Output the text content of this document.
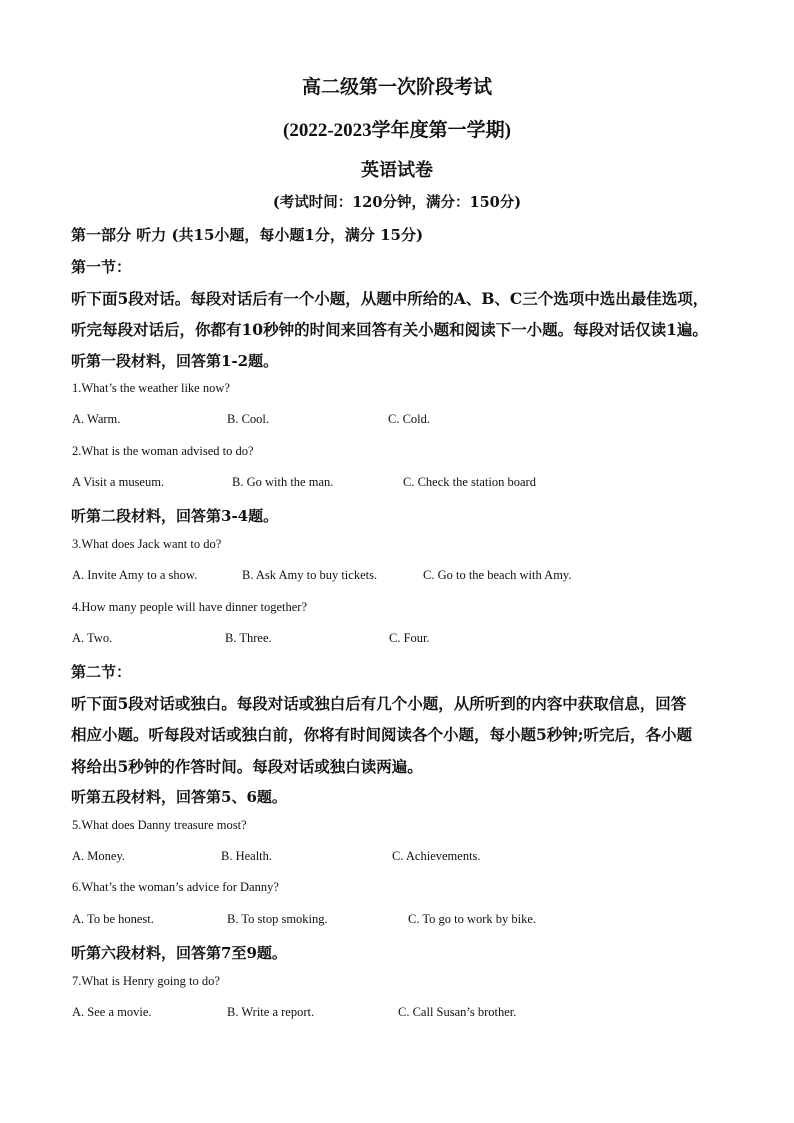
高二级第一次阶段考试
(2022-2023学年度第一学期)
英语试卷
(考试时间：120分钟，满分：150分)
第一部分 听力 (共15小题，每小题1分，满分 15分)
第一节：
听下面5段对话。每段对话后有一个小题，从题中所给的A、B、C三个选项中选出最佳选项，
听完每段对话后，你都有10秒钟的时间来回答有关小题和阅读下一小题。每段对话仅读1遍。
听第一段材料，回答第1-2题。
1.What’s the weather like now?
A. Warm.	B. Cool.	C. Cold.
2.What is the woman advised to do?
A Visit a museum.	B. Go with the man.	C. Check the station board
听第二段材料，回答第3-4题。
3.What does Jack want to do?
A. Invite Amy to a show.	B. Ask Amy to buy tickets.	C. Go to the beach with Amy.
4.How many people will have dinner together?
A. Two.	B. Three.	C. Four.
第二节：
听下面5段对话或独白。每段对话或独白后有几个小题，从所听到的内容中获取信息，回答
相应小题。听每段对话或独白前，你将有时间阅读各个小题，每小题5秒钟;听完后，各小题
将给出5秒钟的作答时间。每段对话或独白读两遍。
听第五段材料，回答第5、6题。
5.What does Danny treasure most?
A. Money.	B. Health.	C. Achievements.
6.What’s the woman’s advice for Danny?
A. To be honest.	B. To stop smoking.	C. To go to work by bike.
听第六段材料，回答第7至9题。
7.What is Henry going to do?
A. See a movie.	B. Write a report.	C. Call Susan’s brother.
